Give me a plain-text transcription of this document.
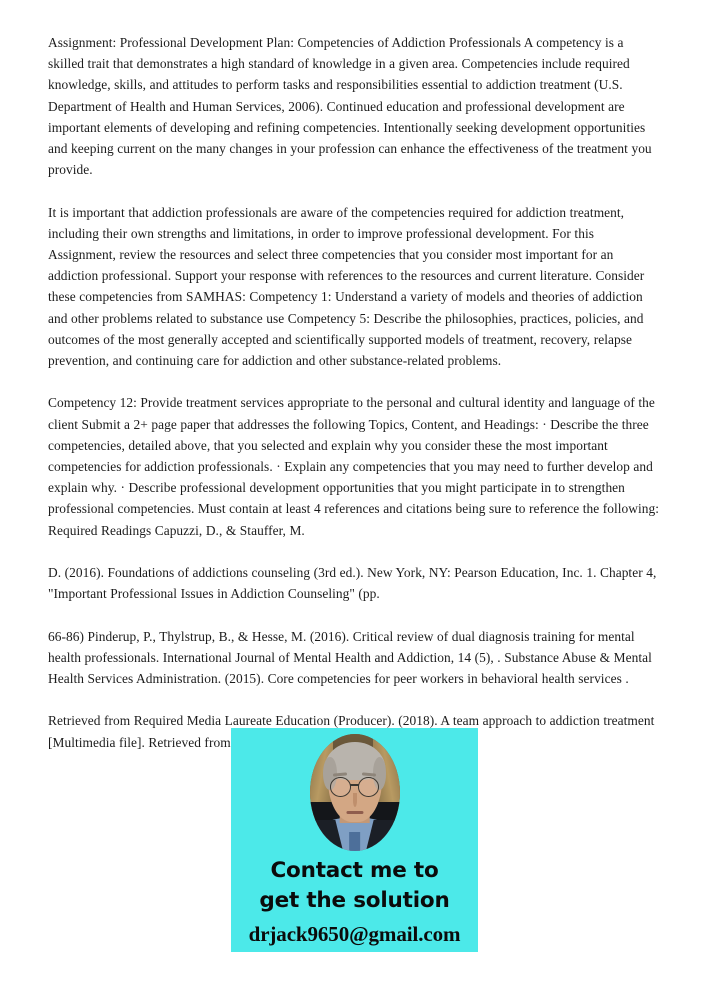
Assignment: Professional Development Plan: Competencies of Addiction Professionals A competency is a skilled trait that demonstrates a high standard of knowledge in a given area. Competencies include required knowledge, skills, and attitudes to perform tasks and responsibilities essential to addiction treatment (U.S. Department of Health and Human Services, 2006). Continued education and professional development are important elements of developing and refining competencies. Intentionally seeking development opportunities and keeping current on the many changes in your profession can enhance the effectiveness of the treatment you provide.

It is important that addiction professionals are aware of the competencies required for addiction treatment, including their own strengths and limitations, in order to improve professional development. For this Assignment, review the resources and select three competencies that you consider most important for an addiction professional. Support your response with references to the resources and current literature. Consider these competencies from SAMHAS: Competency 1: Understand a variety of models and theories of addiction and other problems related to substance use Competency 5: Describe the philosophies, practices, policies, and outcomes of the most generally accepted and scientifically supported models of treatment, recovery, relapse prevention, and continuing care for addiction and other substance-related problems.

Competency 12: Provide treatment services appropriate to the personal and cultural identity and language of the client Submit a 2+ page paper that addresses the following Topics, Content, and Headings: · Describe the three competencies, detailed above, that you selected and explain why you consider these the most important competencies for addiction professionals. · Explain any competencies that you may need to further develop and explain why. · Describe professional development opportunities that you might participate in to strengthen professional competencies. Must contain at least 4 references and citations being sure to reference the following: Required Readings Capuzzi, D., & Stauffer, M.

D. (2016). Foundations of addictions counseling (3rd ed.). New York, NY: Pearson Education, Inc. 1. Chapter 4, "Important Professional Issues in Addiction Counseling" (pp.

66-86) Pinderup, P., Thylstrup, B., & Hesse, M. (2016). Critical review of dual diagnosis training for mental health professionals. International Journal of Mental Health and Addiction, 14 (5), . Substance Abuse & Mental Health Services Administration. (2015). Core competencies for peer workers in behavioral health services .

Retrieved from Required Media Laureate Education (Producer). (2018). A team approach to addiction treatment [Multimedia file]. Retrieved from

Contact me to
get the solution
drjack9650@gmail.com
